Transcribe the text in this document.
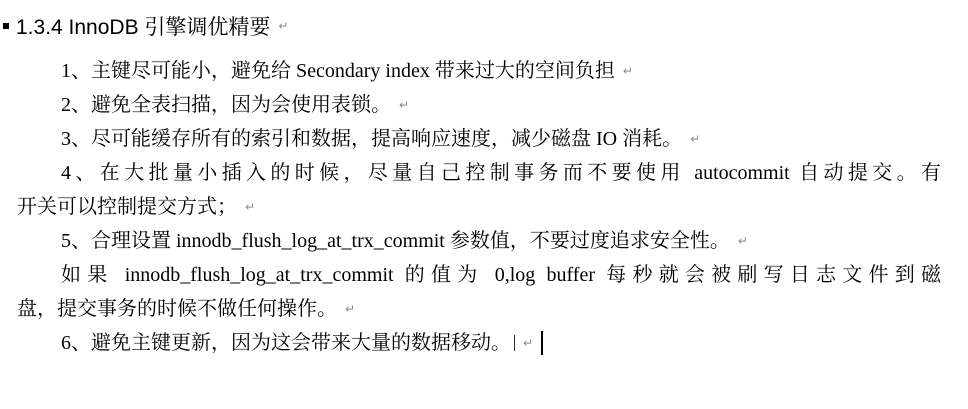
1.3.4 InnoDB 引擎调优精要 ↵
1、主键尽可能小，避免给 Secondary index 带来过大的空间负担 ↵
2、避免全表扫描，因为会使用表锁。 ↵
3、尽可能缓存所有的索引和数据，提高响应速度，减少磁盘 IO 消耗。 ↵
4、在大批量小插入的时候，尽量自己控制事务而不要使用 autocommit 自动提交。有
开关可以控制提交方式； ↵
5、合理设置 innodb_flush_log_at_trx_commit 参数值，不要过度追求安全性。 ↵
如果 innodb_flush_log_at_trx_commit 的值为 0,log buffer 每秒就会被刷写日志文件到磁
盘，提交事务的时候不做任何操作。 ↵
6、避免主键更新，因为这会带来大量的数据移动。 ↵
